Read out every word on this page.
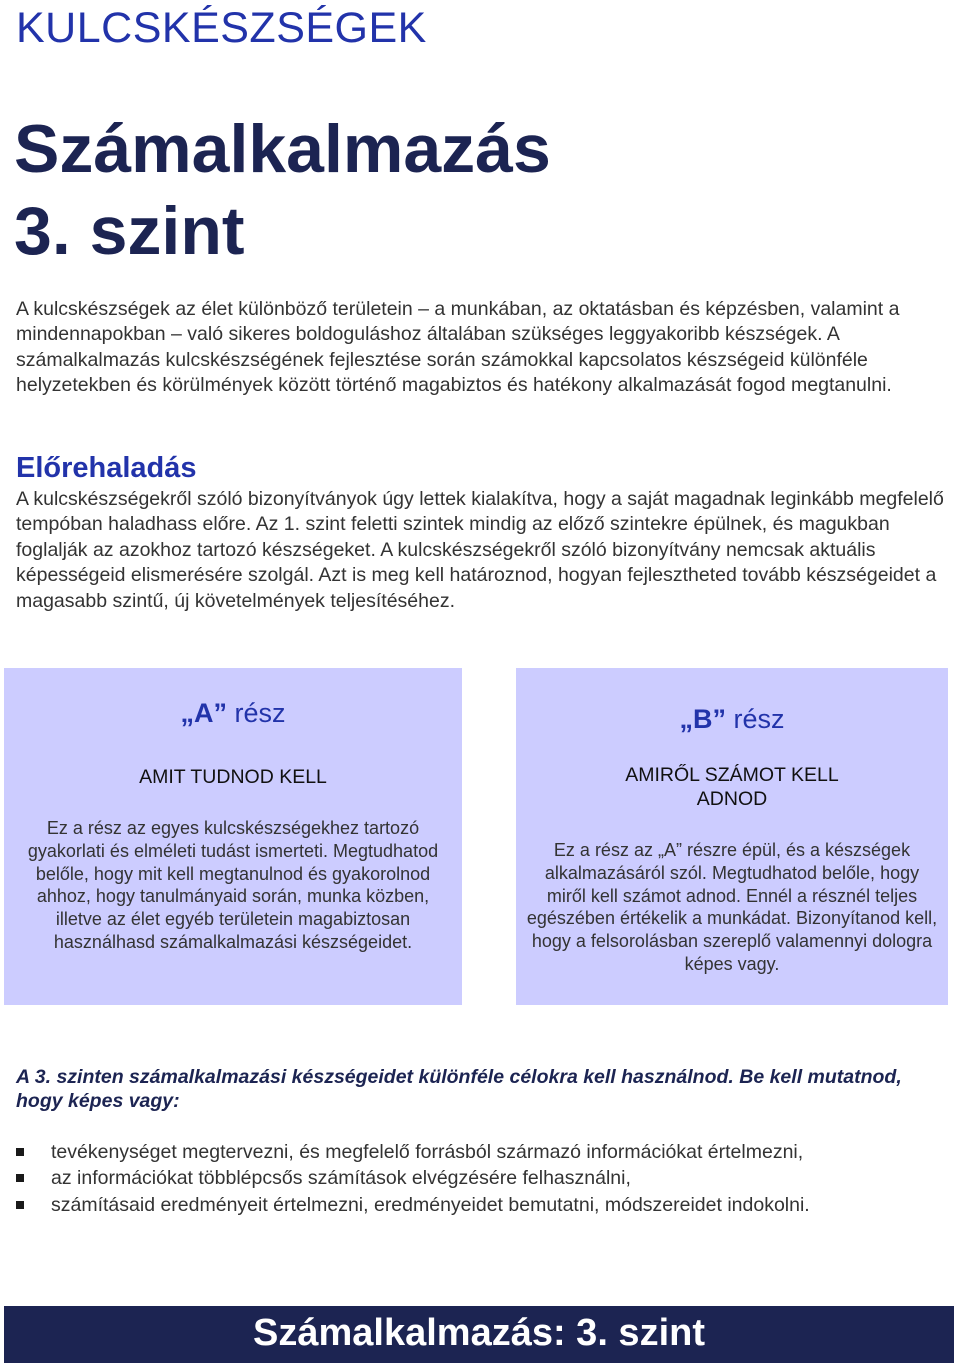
KULCSKÉSZSÉGEK
Számalkalmazás
3. szint

A kulcskészségek az élet különböző területein – a munkában, az oktatásban és képzésben, valamint a mindennapokban – való sikeres boldoguláshoz általában szükséges leggyakoribb készségek. A számalkalmazás kulcskészségének fejlesztése során számokkal kapcsolatos készségeid különféle helyzetekben és körülmények között történő magabiztos és hatékony alkalmazását fogod megtanulni.

Előrehaladás

A kulcskészségekről szóló bizonyítványok úgy lettek kialakítva, hogy a saját magadnak leginkább megfelelő tempóban haladhass előre. Az 1. szint feletti szintek mindig az előző szintekre épülnek, és magukban foglalják az azokhoz tartozó készségeket. A kulcskészségekről szóló bizonyítvány nemcsak aktuális képességeid elismerésére szolgál. Azt is meg kell határoznod, hogyan fejlesztheted tovább készségeidet a magasabb szintű, új követelmények teljesítéséhez.

„A” rész
AMIT TUDNOD KELL

Ez a rész az egyes kulcskészségekhez tartozó gyakorlati és elméleti tudást ismerteti. Megtudhatod belőle, hogy mit kell megtanulnod és gyakorolnod ahhoz, hogy tanulmányaid során, munka közben, illetve az élet egyéb területein magabiztosan használhasd számalkalmazási készségeidet.

„B” rész
AMIRŐL SZÁMOT KELL ADNOD

Ez a rész az „A” részre épül, és a készségek alkalmazásáról szól. Megtudhatod belőle, hogy miről kell számot adnod. Ennél a résznél teljes egészében értékelik a munkádat. Bizonyítanod kell, hogy a felsorolásban szereplő valamennyi dologra képes vagy.

A 3. szinten számalkalmazási készségeidet különféle célokra kell használnod. Be kell mutatnod, hogy képes vagy:

tevékenységet megtervezni, és megfelelő forrásból származó információkat értelmezni,
az információkat többlépcsős számítások elvégzésére felhasználni,
számításaid eredményeit értelmezni, eredményeidet bemutatni, módszereidet indokolni.
Számalkalmazás: 3. szint
